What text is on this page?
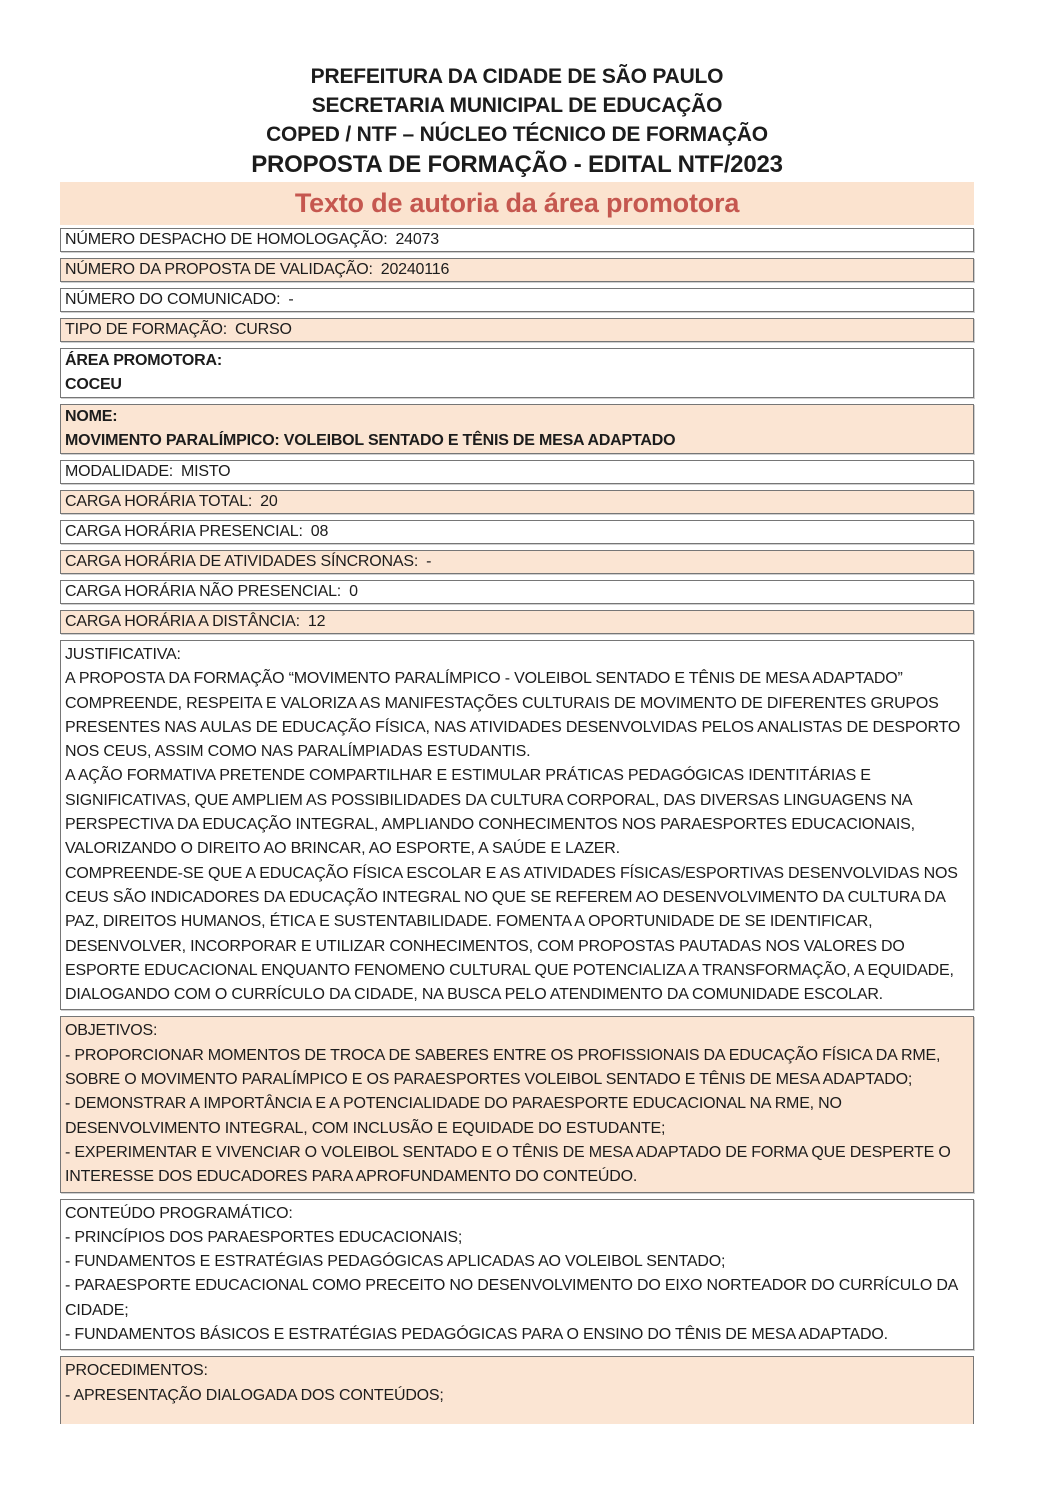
PREFEITURA DA CIDADE DE SÃO PAULO
SECRETARIA MUNICIPAL DE EDUCAÇÃO
COPED / NTF – NÚCLEO TÉCNICO DE FORMAÇÃO
PROPOSTA DE FORMAÇÃO - EDITAL NTF/2023
Texto de autoria da área promotora
NÚMERO DESPACHO DE HOMOLOGAÇÃO: 24073
NÚMERO DA PROPOSTA DE VALIDAÇÃO: 20240116
NÚMERO DO COMUNICADO: -
TIPO DE FORMAÇÃO: CURSO
ÁREA PROMOTORA:
COCEU
NOME:
MOVIMENTO PARALÍMPICO: VOLEIBOL SENTADO E TÊNIS DE MESA ADAPTADO
MODALIDADE: MISTO
CARGA HORÁRIA TOTAL: 20
CARGA HORÁRIA PRESENCIAL: 08
CARGA HORÁRIA DE ATIVIDADES SÍNCRONAS: -
CARGA HORÁRIA NÃO PRESENCIAL: 0
CARGA HORÁRIA A DISTÂNCIA: 12
JUSTIFICATIVA:
A PROPOSTA DA FORMAÇÃO “MOVIMENTO PARALÍMPICO - VOLEIBOL SENTADO E TÊNIS DE MESA ADAPTADO” COMPREENDE, RESPEITA E VALORIZA AS MANIFESTAÇÕES CULTURAIS DE MOVIMENTO DE DIFERENTES GRUPOS PRESENTES NAS AULAS DE EDUCAÇÃO FÍSICA, NAS ATIVIDADES DESENVOLVIDAS PELOS ANALISTAS DE DESPORTO NOS CEUS, ASSIM COMO NAS PARALÍMPIADAS ESTUDANTIS.
A AÇÃO FORMATIVA PRETENDE COMPARTILHAR E ESTIMULAR PRÁTICAS PEDAGÓGICAS IDENTITÁRIAS E SIGNIFICATIVAS, QUE AMPLIEM AS POSSIBILIDADES DA CULTURA CORPORAL, DAS DIVERSAS LINGUAGENS NA PERSPECTIVA DA EDUCAÇÃO INTEGRAL, AMPLIANDO CONHECIMENTOS NOS PARAESPORTES EDUCACIONAIS, VALORIZANDO O DIREITO AO BRINCAR, AO ESPORTE, A SAÚDE E LAZER.
COMPREENDE-SE QUE A EDUCAÇÃO FÍSICA ESCOLAR E AS ATIVIDADES FÍSICAS/ESPORTIVAS DESENVOLVIDAS NOS CEUS SÃO INDICADORES DA EDUCAÇÃO INTEGRAL NO QUE SE REFEREM AO DESENVOLVIMENTO DA CULTURA DA PAZ, DIREITOS HUMANOS, ÉTICA E SUSTENTABILIDADE. FOMENTA A OPORTUNIDADE DE SE IDENTIFICAR, DESENVOLVER, INCORPORAR E UTILIZAR CONHECIMENTOS, COM PROPOSTAS PAUTADAS NOS VALORES DO ESPORTE EDUCACIONAL ENQUANTO FENOMENO CULTURAL QUE POTENCIALIZA A TRANSFORMAÇÃO, A EQUIDADE, DIALOGANDO COM O CURRÍCULO DA CIDADE, NA BUSCA PELO ATENDIMENTO DA COMUNIDADE ESCOLAR.
OBJETIVOS:
- PROPORCIONAR MOMENTOS DE TROCA DE SABERES ENTRE OS PROFISSIONAIS DA EDUCAÇÃO FÍSICA DA RME, SOBRE O MOVIMENTO PARALÍMPICO E OS PARAESPORTES VOLEIBOL SENTADO E TÊNIS DE MESA ADAPTADO;
- DEMONSTRAR A IMPORTÂNCIA E A POTENCIALIDADE DO PARAESPORTE EDUCACIONAL NA RME, NO DESENVOLVIMENTO INTEGRAL, COM INCLUSÃO E EQUIDADE DO ESTUDANTE;
- EXPERIMENTAR E VIVENCIAR O VOLEIBOL SENTADO E O TÊNIS DE MESA ADAPTADO DE FORMA QUE DESPERTE O INTERESSE DOS EDUCADORES PARA APROFUNDAMENTO DO CONTEÚDO.
CONTEÚDO PROGRAMÁTICO:
- PRINCÍPIOS DOS PARAESPORTES EDUCACIONAIS;
- FUNDAMENTOS E ESTRATÉGIAS PEDAGÓGICAS APLICADAS AO VOLEIBOL SENTADO;
- PARAESPORTE EDUCACIONAL COMO PRECEITO NO DESENVOLVIMENTO DO EIXO NORTEADOR DO CURRÍCULO DA CIDADE;
- FUNDAMENTOS BÁSICOS E ESTRATÉGIAS PEDAGÓGICAS PARA O ENSINO DO TÊNIS DE MESA ADAPTADO.
PROCEDIMENTOS:
- APRESENTAÇÃO DIALOGADA DOS CONTEÚDOS;
